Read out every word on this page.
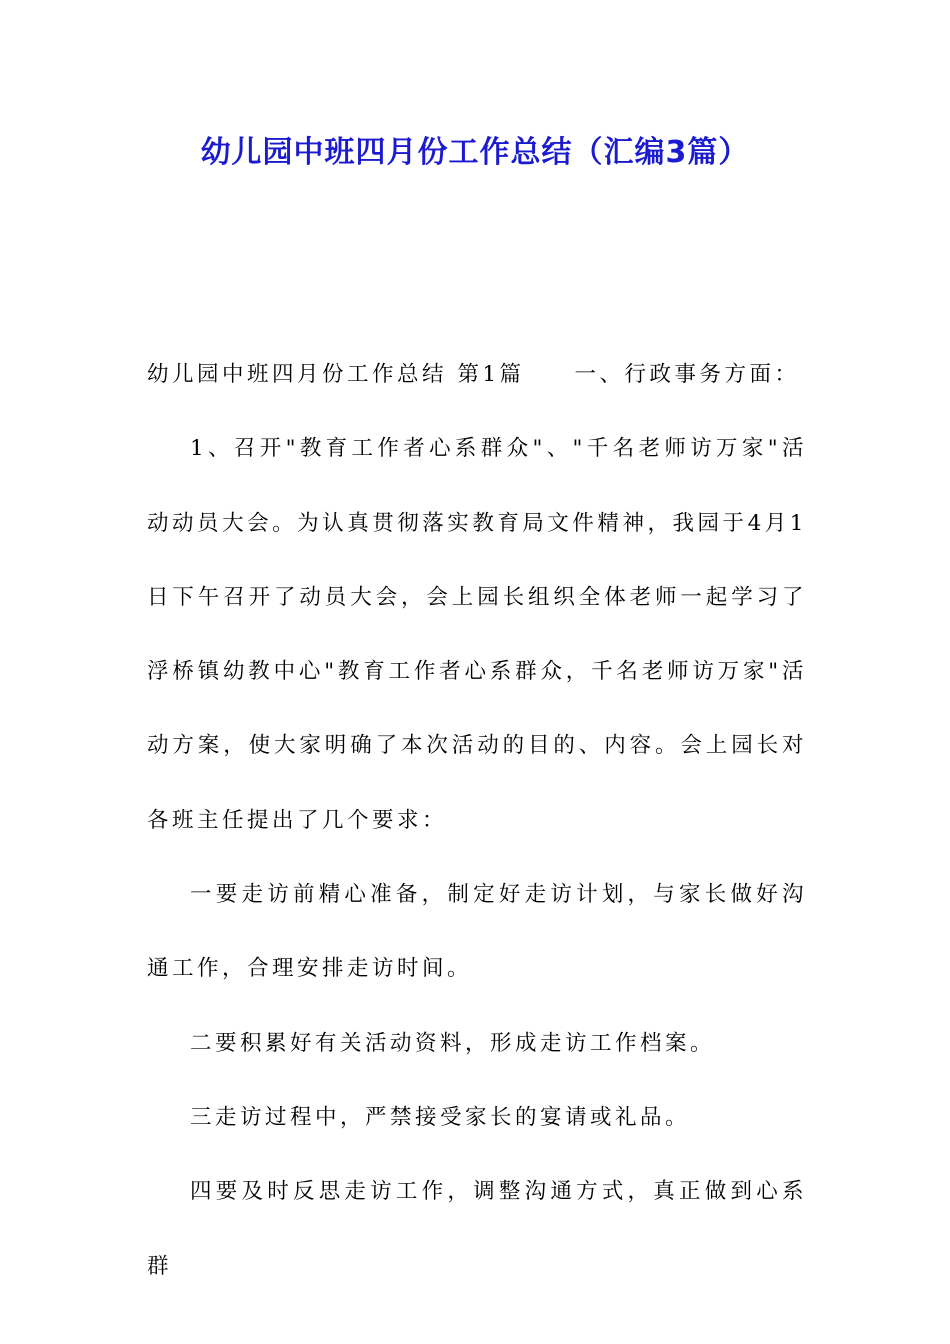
幼儿园中班四月份工作总结（汇编3篇）

幼儿园中班四月份工作总结 第1篇 一、行政事务方面：

1、召开"教育工作者心系群众"、"千名老师访万家"活动动员大会。为认真贯彻落实教育局文件精神，我园于4月1日下午召开了动员大会，会上园长组织全体老师一起学习了浮桥镇幼教中心"教育工作者心系群众，千名老师访万家"活动方案，使大家明确了本次活动的目的、内容。会上园长对各班主任提出了几个要求：

一要走访前精心准备，制定好走访计划，与家长做好沟通工作，合理安排走访时间。

二要积累好有关活动资料，形成走访工作档案。

三走访过程中，严禁接受家长的宴请或礼品。

四要及时反思走访工作，调整沟通方式，真正做到心系群
